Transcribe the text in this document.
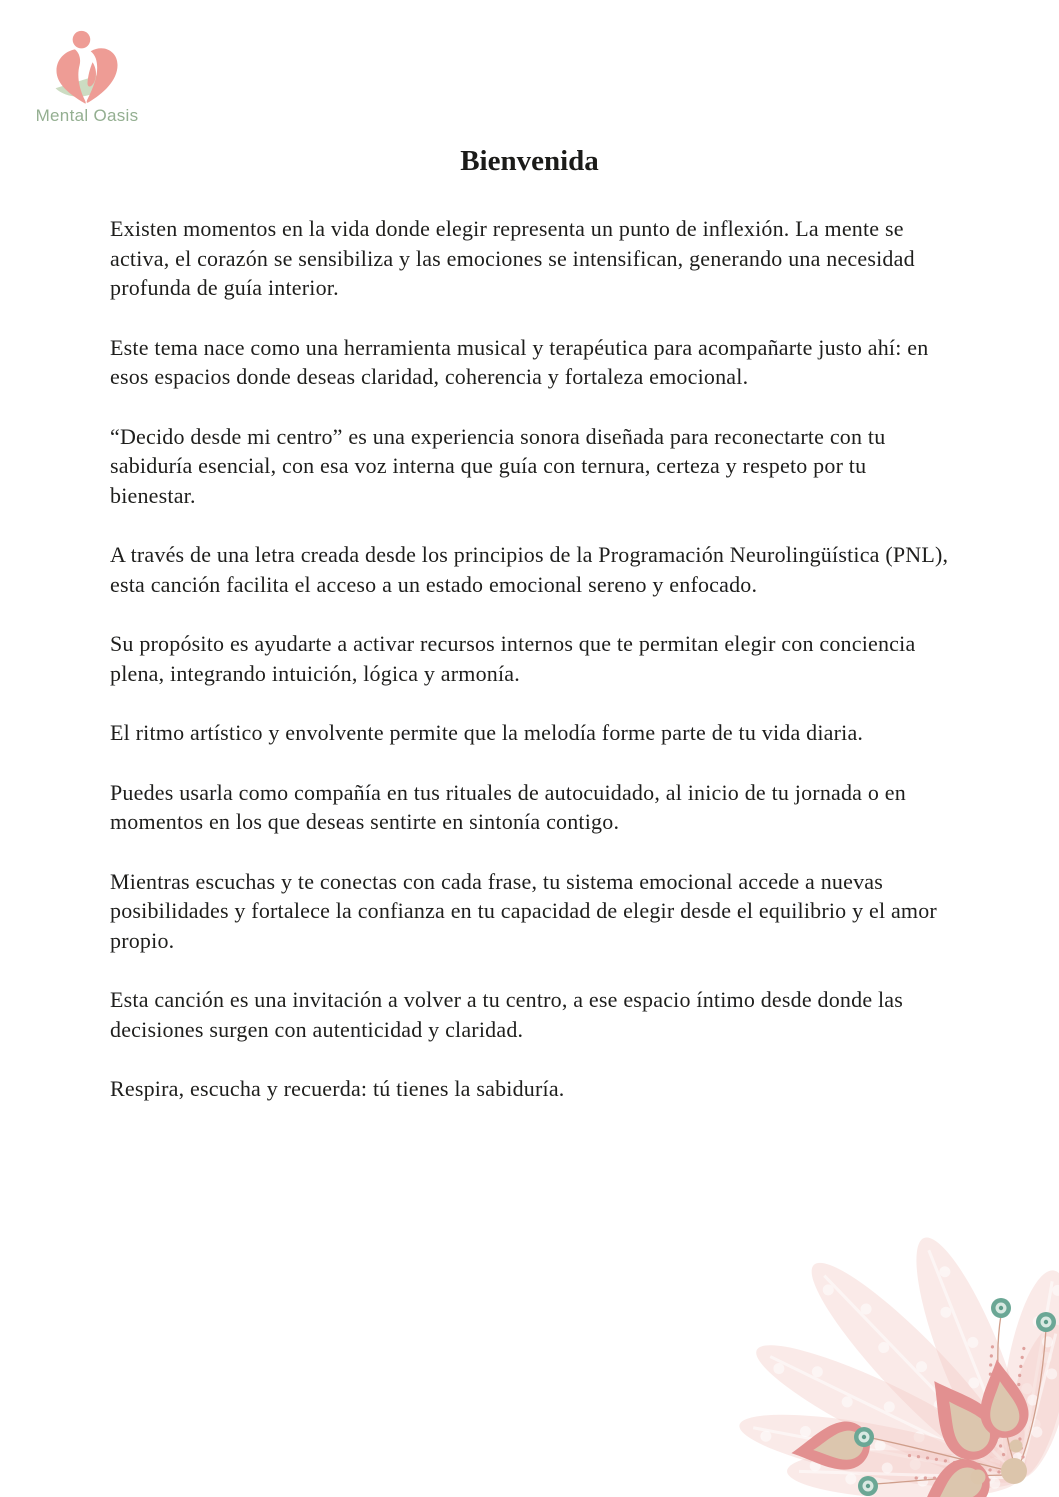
Mental Oasis
Bienvenida

Existen momentos en la vida donde elegir representa un punto de inflexión. La mente se activa, el corazón se sensibiliza y las emociones se intensifican, generando una necesidad profunda de guía interior.

Este tema nace como una herramienta musical y terapéutica para acompañarte justo ahí: en esos espacios donde deseas claridad, coherencia y fortaleza emocional.

“Decido desde mi centro” es una experiencia sonora diseñada para reconectarte con tu sabiduría esencial, con esa voz interna que guía con ternura, certeza y respeto por tu bienestar.

A través de una letra creada desde los principios de la Programación Neurolingüística (PNL), esta canción facilita el acceso a un estado emocional sereno y enfocado.

Su propósito es ayudarte a activar recursos internos que te permitan elegir con conciencia plena, integrando intuición, lógica y armonía.

El ritmo artístico y envolvente permite que la melodía forme parte de tu vida diaria.

Puedes usarla como compañía en tus rituales de autocuidado, al inicio de tu jornada o en momentos en los que deseas sentirte en sintonía contigo.

Mientras escuchas y te conectas con cada frase, tu sistema emocional accede a nuevas posibilidades y fortalece la confianza en tu capacidad de elegir desde el equilibrio y el amor propio.

Esta canción es una invitación a volver a tu centro, a ese espacio íntimo desde donde las decisiones surgen con autenticidad y claridad.

Respira, escucha y recuerda: tú tienes la sabiduría.
